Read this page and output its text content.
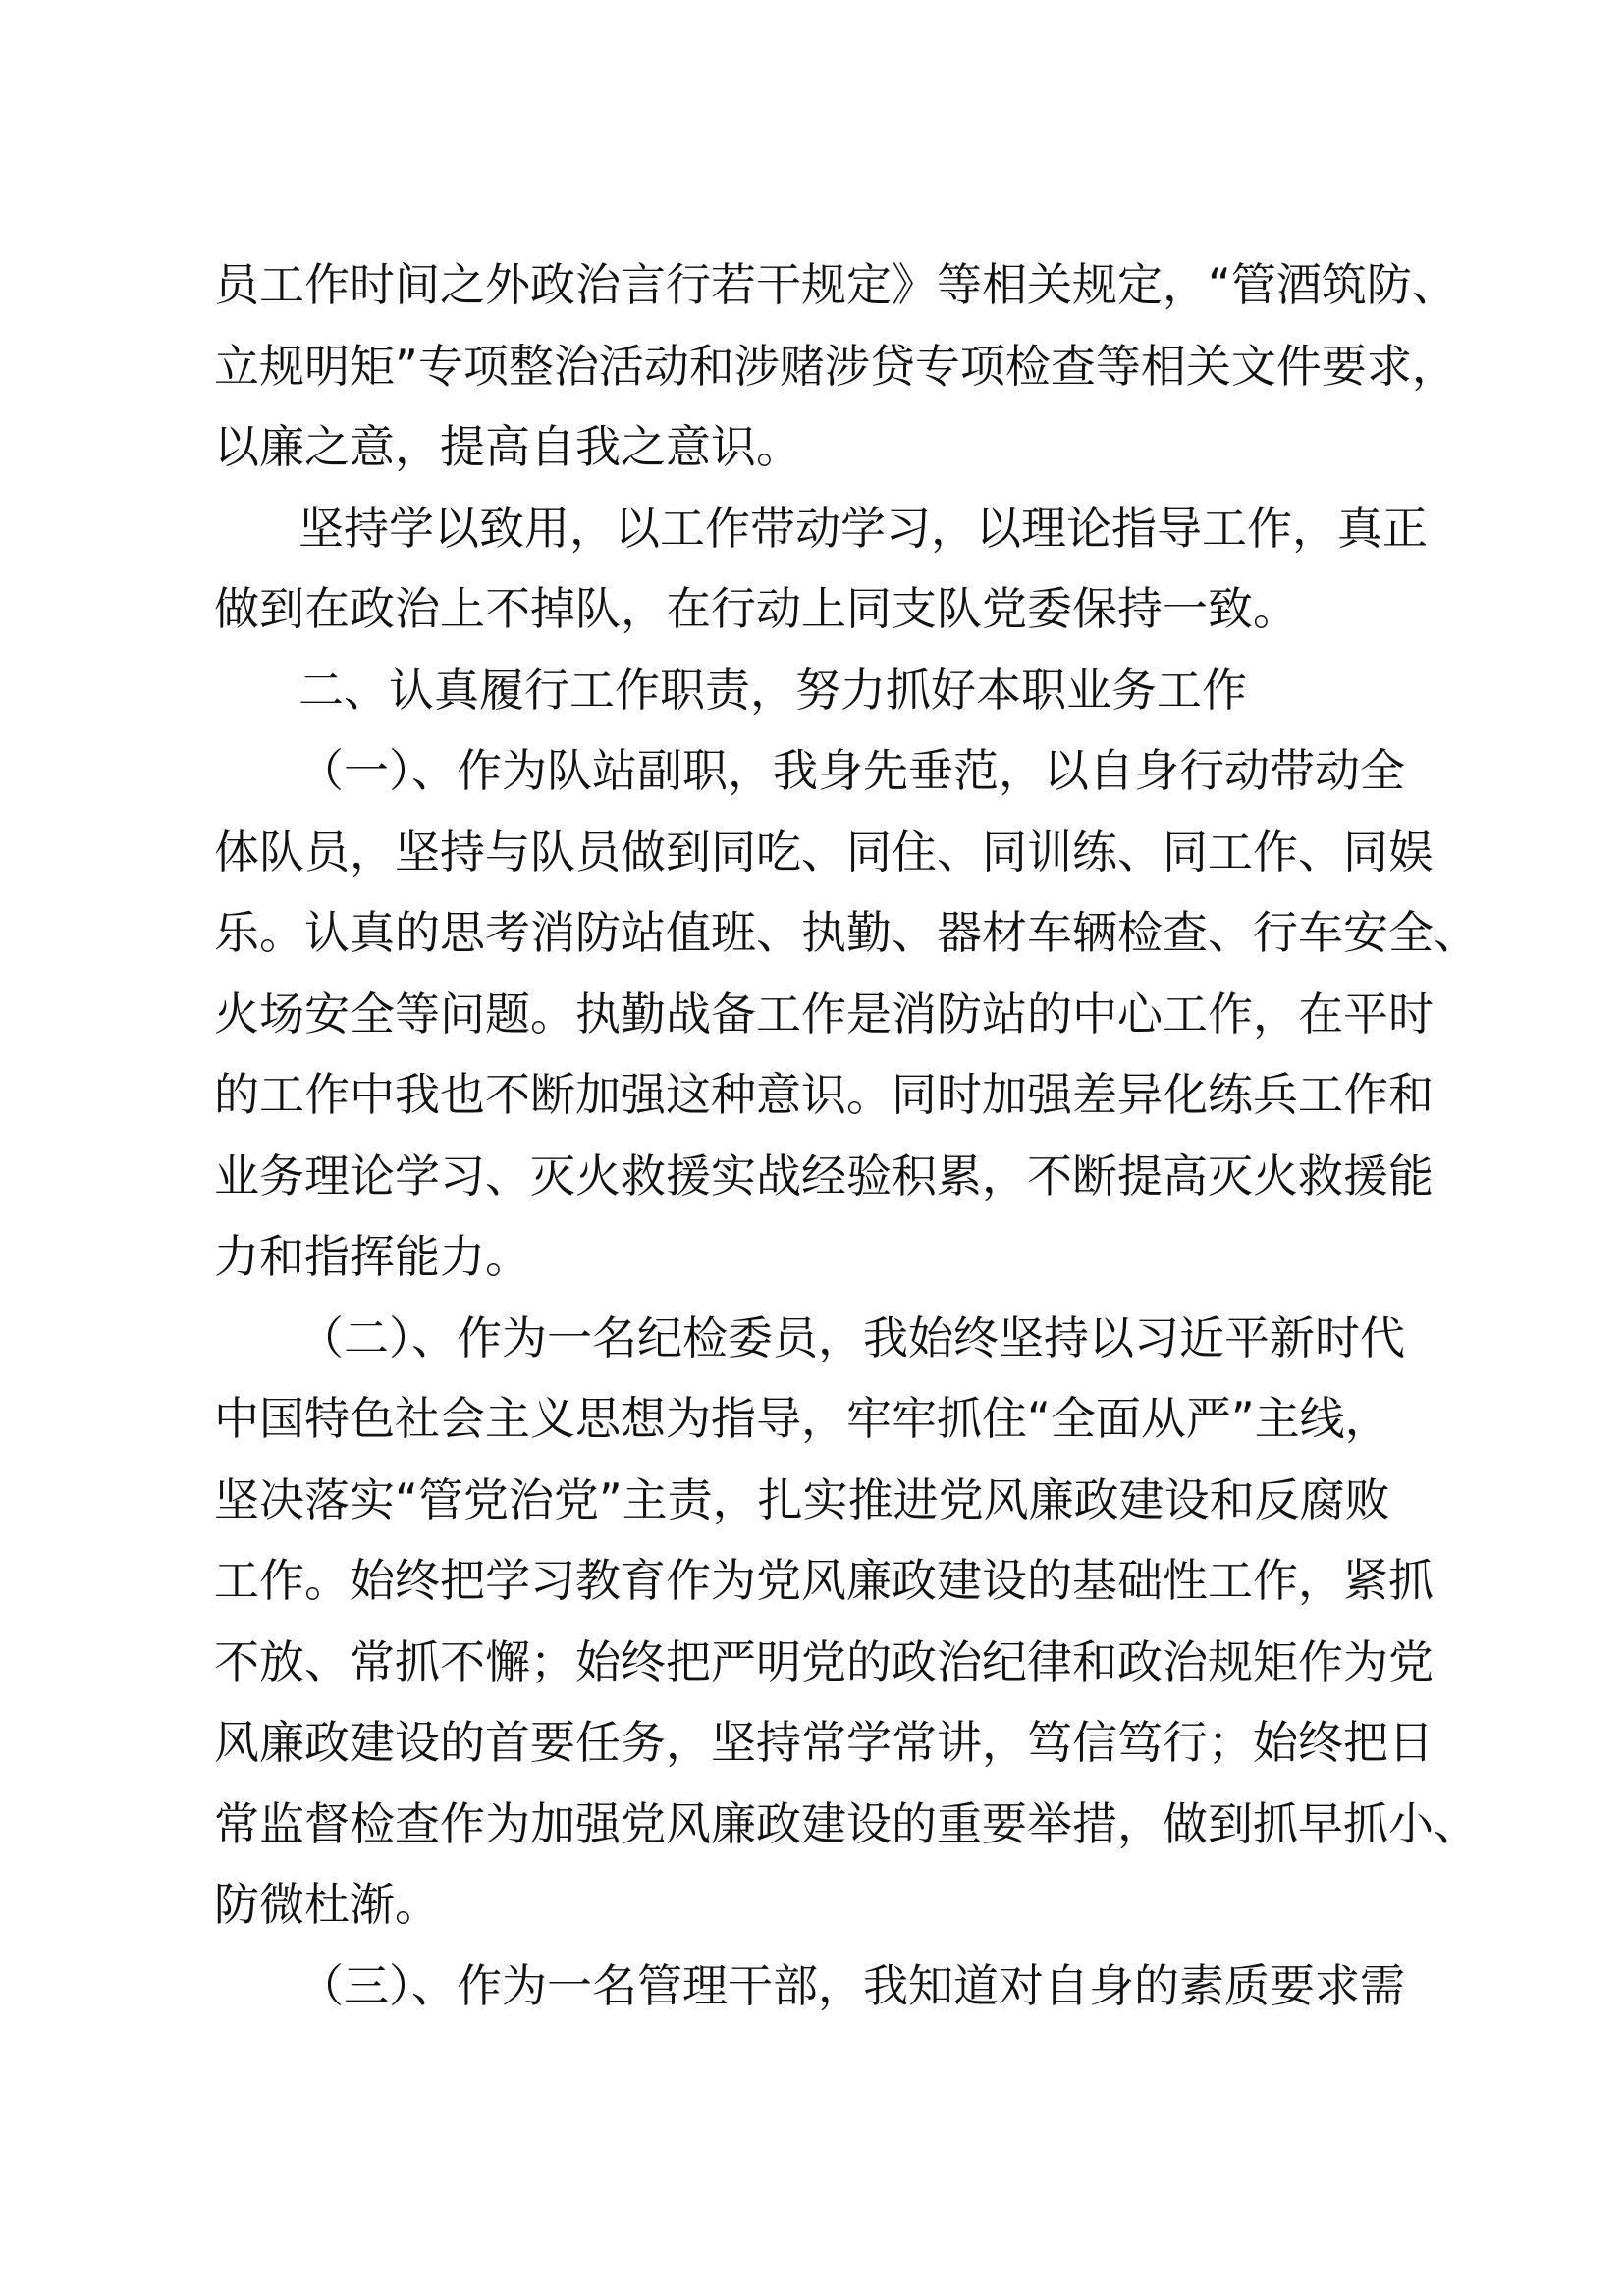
员工作时间之外政治言行若干规定》等相关规定，“管酒筑防、
立规明矩”专项整治活动和涉赌涉贷专项检查等相关文件要求，
以廉之意，提高自我之意识。
坚持学以致用，以工作带动学习，以理论指导工作，真正
做到在政治上不掉队，在行动上同支队党委保持一致。
二、认真履行工作职责，努力抓好本职业务工作
（一）、作为队站副职，我身先垂范，以自身行动带动全
体队员，坚持与队员做到同吃、同住、同训练、同工作、同娱
乐。认真的思考消防站值班、执勤、器材车辆检查、行车安全、
火场安全等问题。执勤战备工作是消防站的中心工作，在平时
的工作中我也不断加强这种意识。同时加强差异化练兵工作和
业务理论学习、灭火救援实战经验积累，不断提高灭火救援能
力和指挥能力。
（二）、作为一名纪检委员，我始终坚持以习近平新时代
中国特色社会主义思想为指导，牢牢抓住“全面从严”主线，
坚决落实“管党治党”主责，扎实推进党风廉政建设和反腐败
工作。始终把学习教育作为党风廉政建设的基础性工作，紧抓
不放、常抓不懈；始终把严明党的政治纪律和政治规矩作为党
风廉政建设的首要任务，坚持常学常讲，笃信笃行；始终把日
常监督检查作为加强党风廉政建设的重要举措，做到抓早抓小、
防微杜渐。
（三）、作为一名管理干部，我知道对自身的素质要求需
